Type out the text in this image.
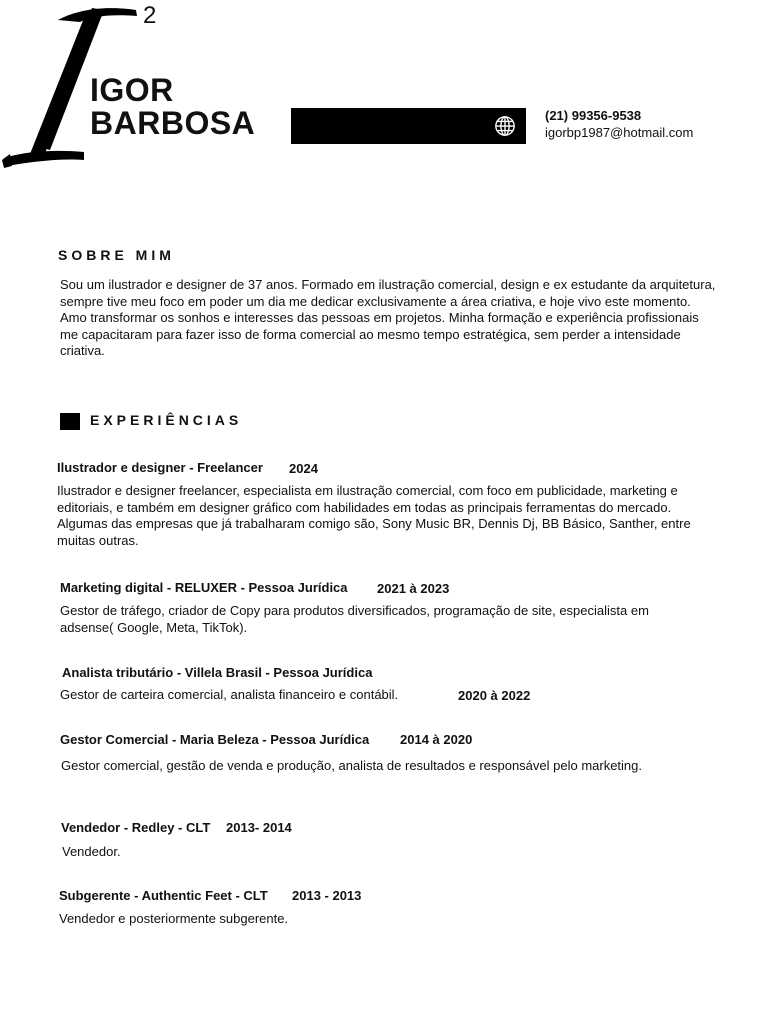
2
IGOR
BARBOSA	(21) 99356-9538
igorbp1987@hotmail.com
SOBRE MIM
Sou um ilustrador e designer de 37 anos. Formado em ilustração comercial, design e ex estudante da arquitetura, sempre tive meu foco em poder um dia me dedicar exclusivamente a área criativa, e hoje vivo este momento. Amo transformar os sonhos e interesses das pessoas em projetos. Minha formação e experiência profissionais me capacitaram para fazer isso de forma comercial ao mesmo tempo estratégica, sem perder a intensidade criativa.
EXPERIÊNCIAS
Ilustrador e designer - Freelancer 2024
Ilustrador e designer freelancer, especialista em ilustração comercial, com foco em publicidade, marketing e editoriais, e também em designer gráfico com habilidades em todas as principais ferramentas do mercado. Algumas das empresas que já trabalharam comigo são, Sony Music BR, Dennis Dj, BB Básico, Santher, entre muitas outras.
Marketing digital - RELUXER - Pessoa Jurídica 2021 à 2023
Gestor de tráfego, criador de Copy para produtos diversificados, programação de site, especialista em adsense( Google, Meta, TikTok).
Analista tributário - Villela Brasil - Pessoa Jurídica
Gestor de carteira comercial, analista financeiro e contábil.	2020 à 2022
Gestor Comercial - Maria Beleza - Pessoa Jurídica 2014 à 2020
Gestor comercial, gestão de venda e produção, analista de resultados e responsável pelo marketing.
Vendedor - Redley - CLT 2013- 2014
Vendedor.
Subgerente - Authentic Feet - CLT 2013 - 2013
Vendedor e posteriormente subgerente.
